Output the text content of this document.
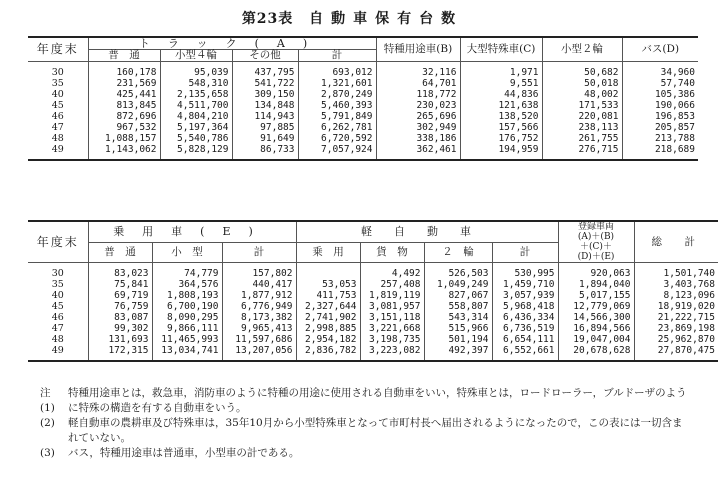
第23表 自動車保有台数
年度末	トラック(A)				特種用途車(B)	大型特殊車(C)	小型２輪	バス(D)
	普　通	小型４輪	その他	計				
30	160,178	95,039	437,795	693,012	32,116	1,971	50,682	34,960
35	231,569	548,310	541,722	1,321,601	64,701	9,551	50,018	57,740
40	425,441	2,135,658	309,150	2,870,249	118,772	44,836	48,002	105,386
45	813,845	4,511,700	134,848	5,460,393	230,023	121,638	171,533	190,066
46	872,696	4,804,210	114,943	5,791,849	265,696	138,520	220,081	196,853
47	967,532	5,197,364	97,885	6,262,781	302,949	157,566	238,113	205,857
48	1,088,157	5,540,786	91,649	6,720,592	338,186	176,752	261,755	213,788
49	1,143,062	5,828,129	86,733	7,057,924	362,461	194,959	276,715	218,689
年度末	乗用車(E)			軽自動車				登録車両
(A)＋(B)
＋(C)＋
(D)＋(E)	総　計
	普　通	小　型	計	乗　用	貨　物	２　輪	計		
30	83,023	74,779	157,802		4,492	526,503	530,995	920,063	1,501,740
35	75,841	364,576	440,417	53,053	257,408	1,049,249	1,459,710	1,894,040	3,403,768
40	69,719	1,808,193	1,877,912	411,753	1,819,119	827,067	3,057,939	5,017,155	8,123,096
45	76,759	6,700,190	6,776,949	2,327,644	3,081,957	558,807	5,968,418	12,779,069	18,919,020
46	83,087	8,090,295	8,173,382	2,741,902	3,151,118	543,314	6,436,334	14,566,300	21,222,715
47	99,302	9,866,111	9,965,413	2,998,885	3,221,668	515,966	6,736,519	16,894,566	23,869,198
48	131,693	11,465,993	11,597,686	2,954,182	3,198,735	501,194	6,654,111	19,047,004	25,962,870
49	172,315	13,034,741	13,207,056	2,836,782	3,223,082	492,397	6,552,661	20,678,628	27,870,475
注 (1)
特種用途車とは，救急車，消防車のように特種の用途に使用される自動車をいい，特殊車とは，ロードローラー，ブルドーザのように特殊の構造を有する自動車をいう。
(2)	軽自動車の農耕車及び特殊車は，35年10月から小型特殊車となって市町村長へ届出されるようになったので，この表には一切含まれていない。
(3)	バス，特種用途車は普通車，小型車の計である。
